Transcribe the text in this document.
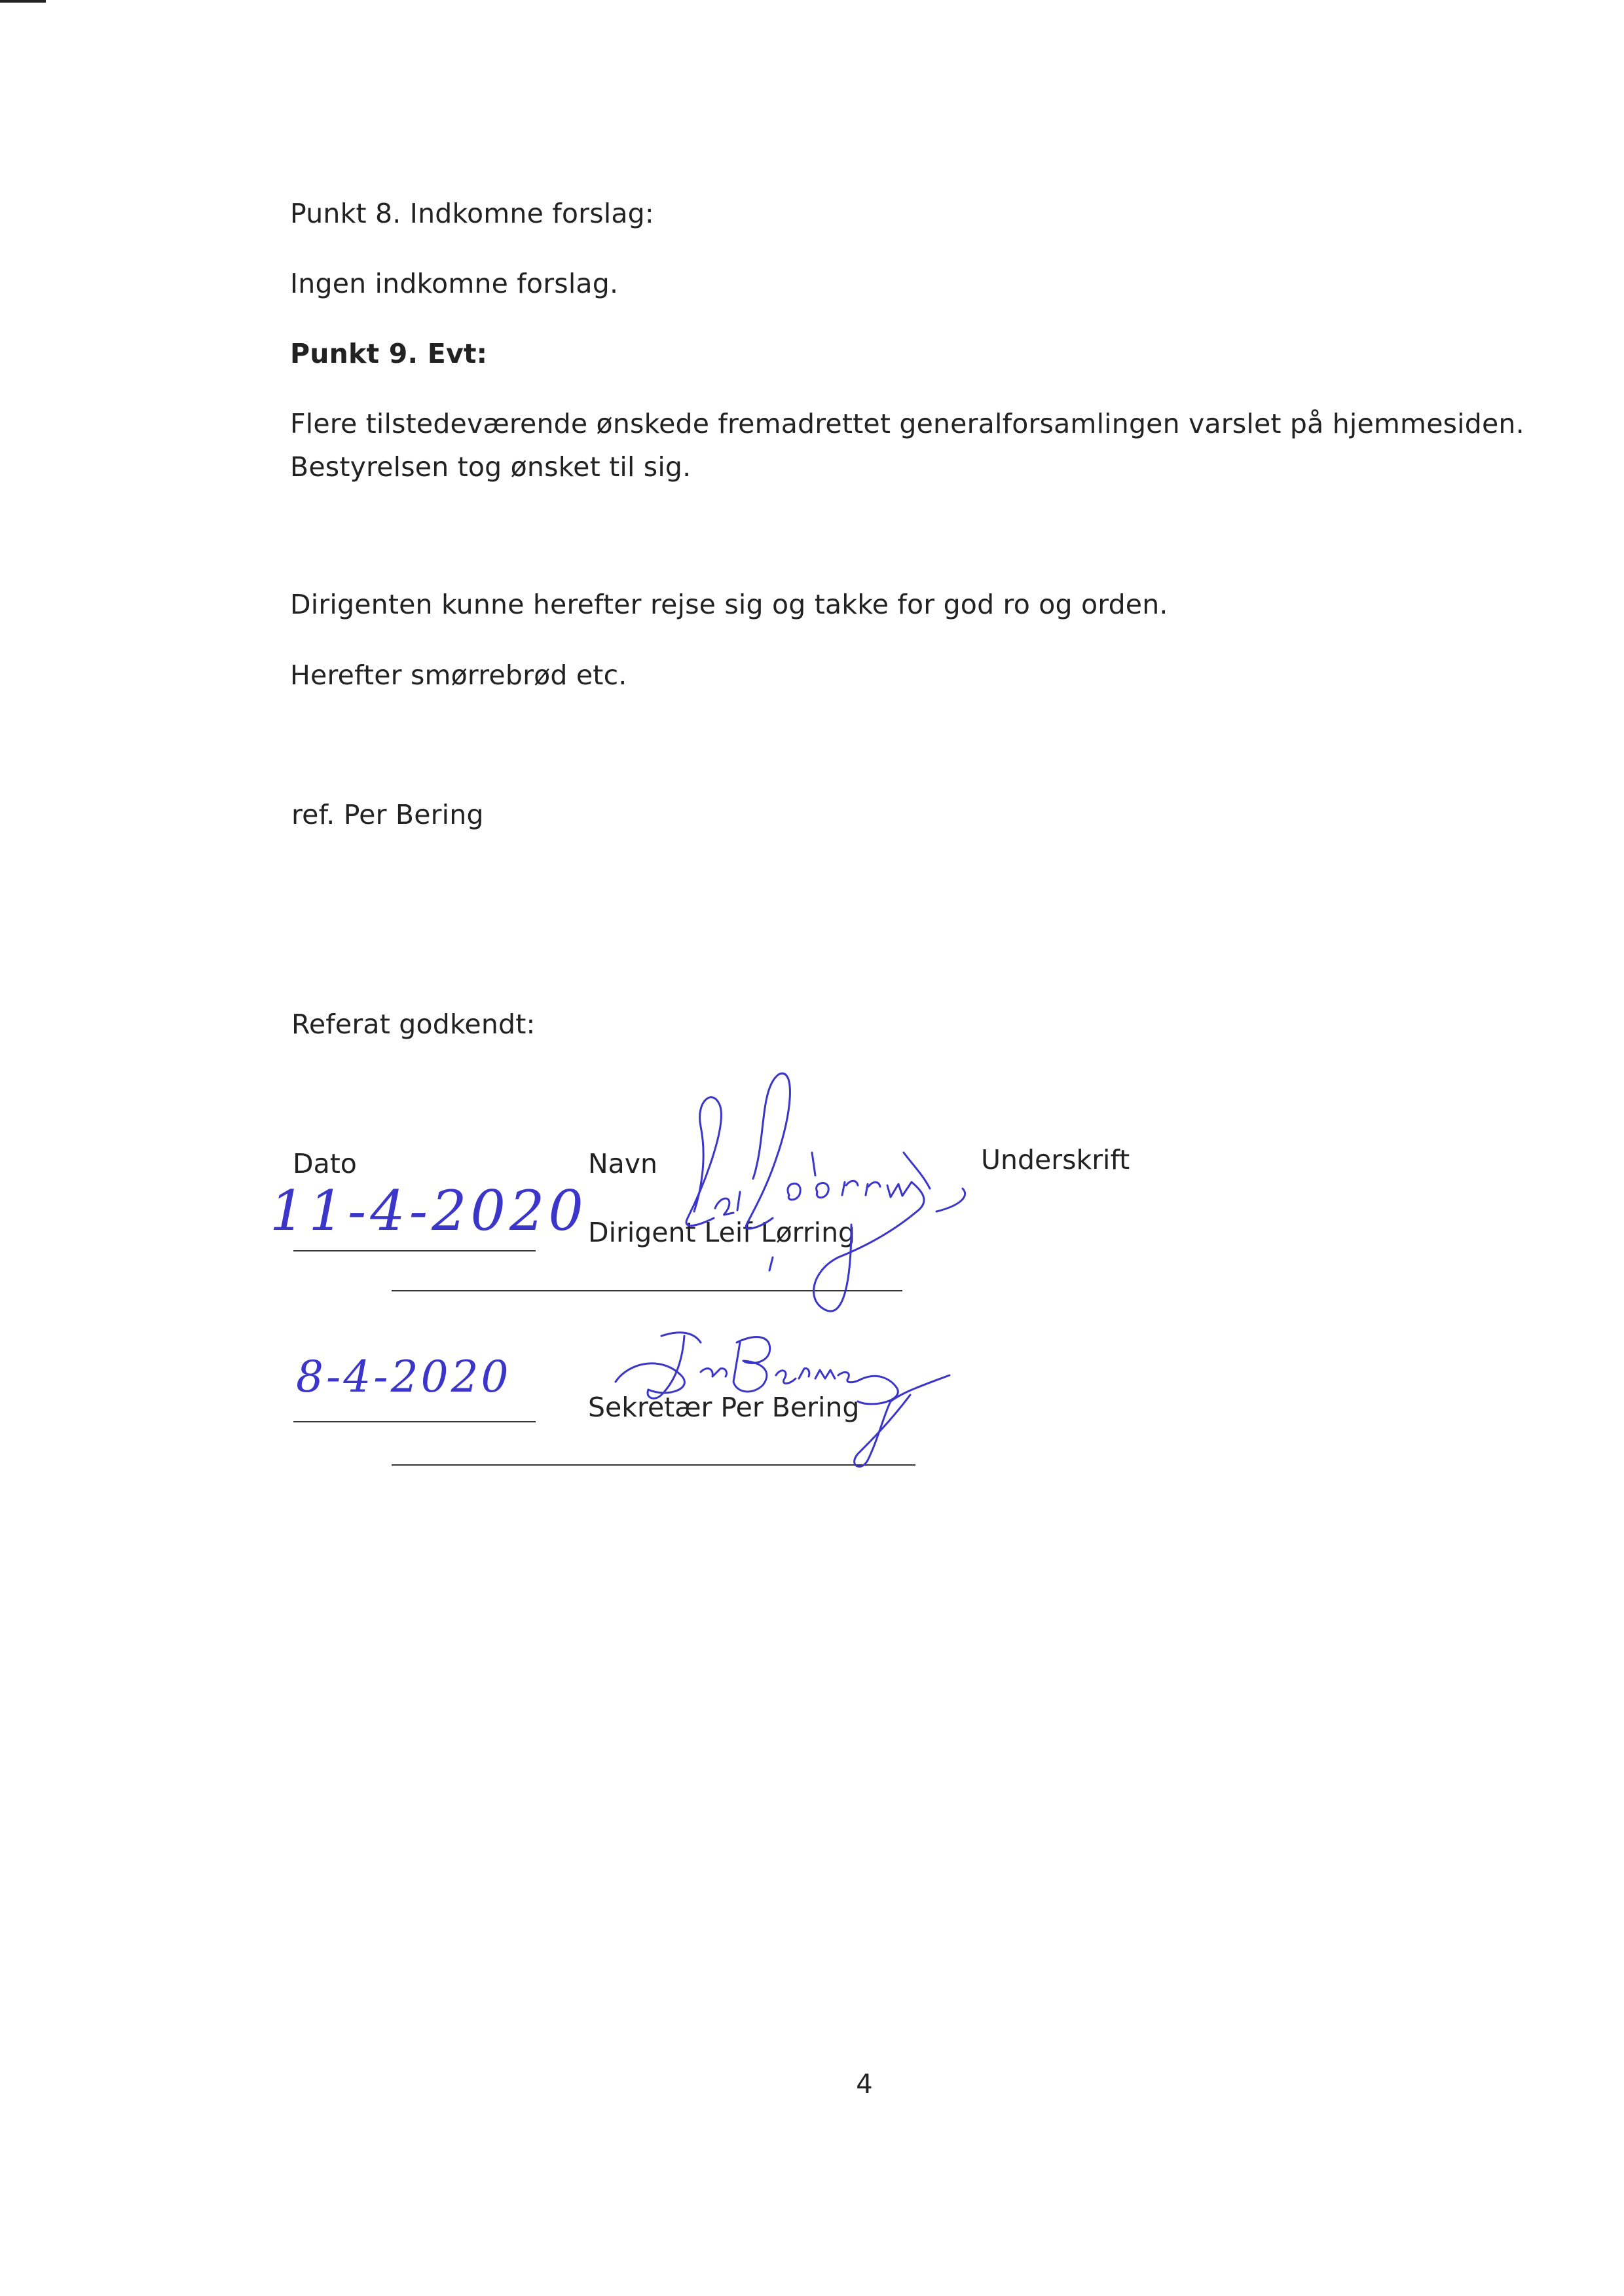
Punkt 8. Indkomne forslag:
Ingen indkomne forslag.
Punkt 9. Evt:
Flere tilstedeværende ønskede fremadrettet generalforsamlingen varslet på hjemmesiden.
Bestyrelsen tog ønsket til sig.
Dirigenten kunne herefter rejse sig og takke for god ro og orden.
Herefter smørrebrød etc.
ref. Per Bering
Referat godkendt:
Dato	Navn	Underskrift
11-4-2020 Dirigent Leif Lørring
8-4-2020
Sekretær Per Bering
4
